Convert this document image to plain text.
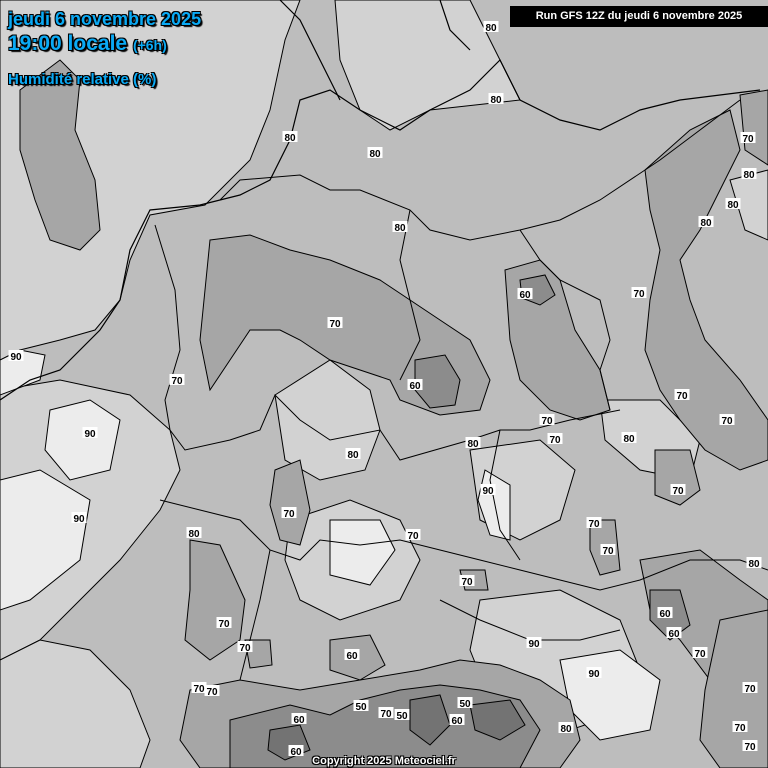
80
80
80
80
80
90
60
70
70
80
70
60
70	80
70
80
90
70
80
90
80
70
70
70
90
70
70
80
70
80
70
60
60
70
70
70
70
60
50
70
50
50
60
70
60
60
80
90
90
70
70
70
80
70
jeudi 6 novembre 2025
19:00 locale (+6h)
Humidité relative (%)
Run GFS 12Z du jeudi 6 novembre 2025
Copyright 2025 Meteociel.fr
